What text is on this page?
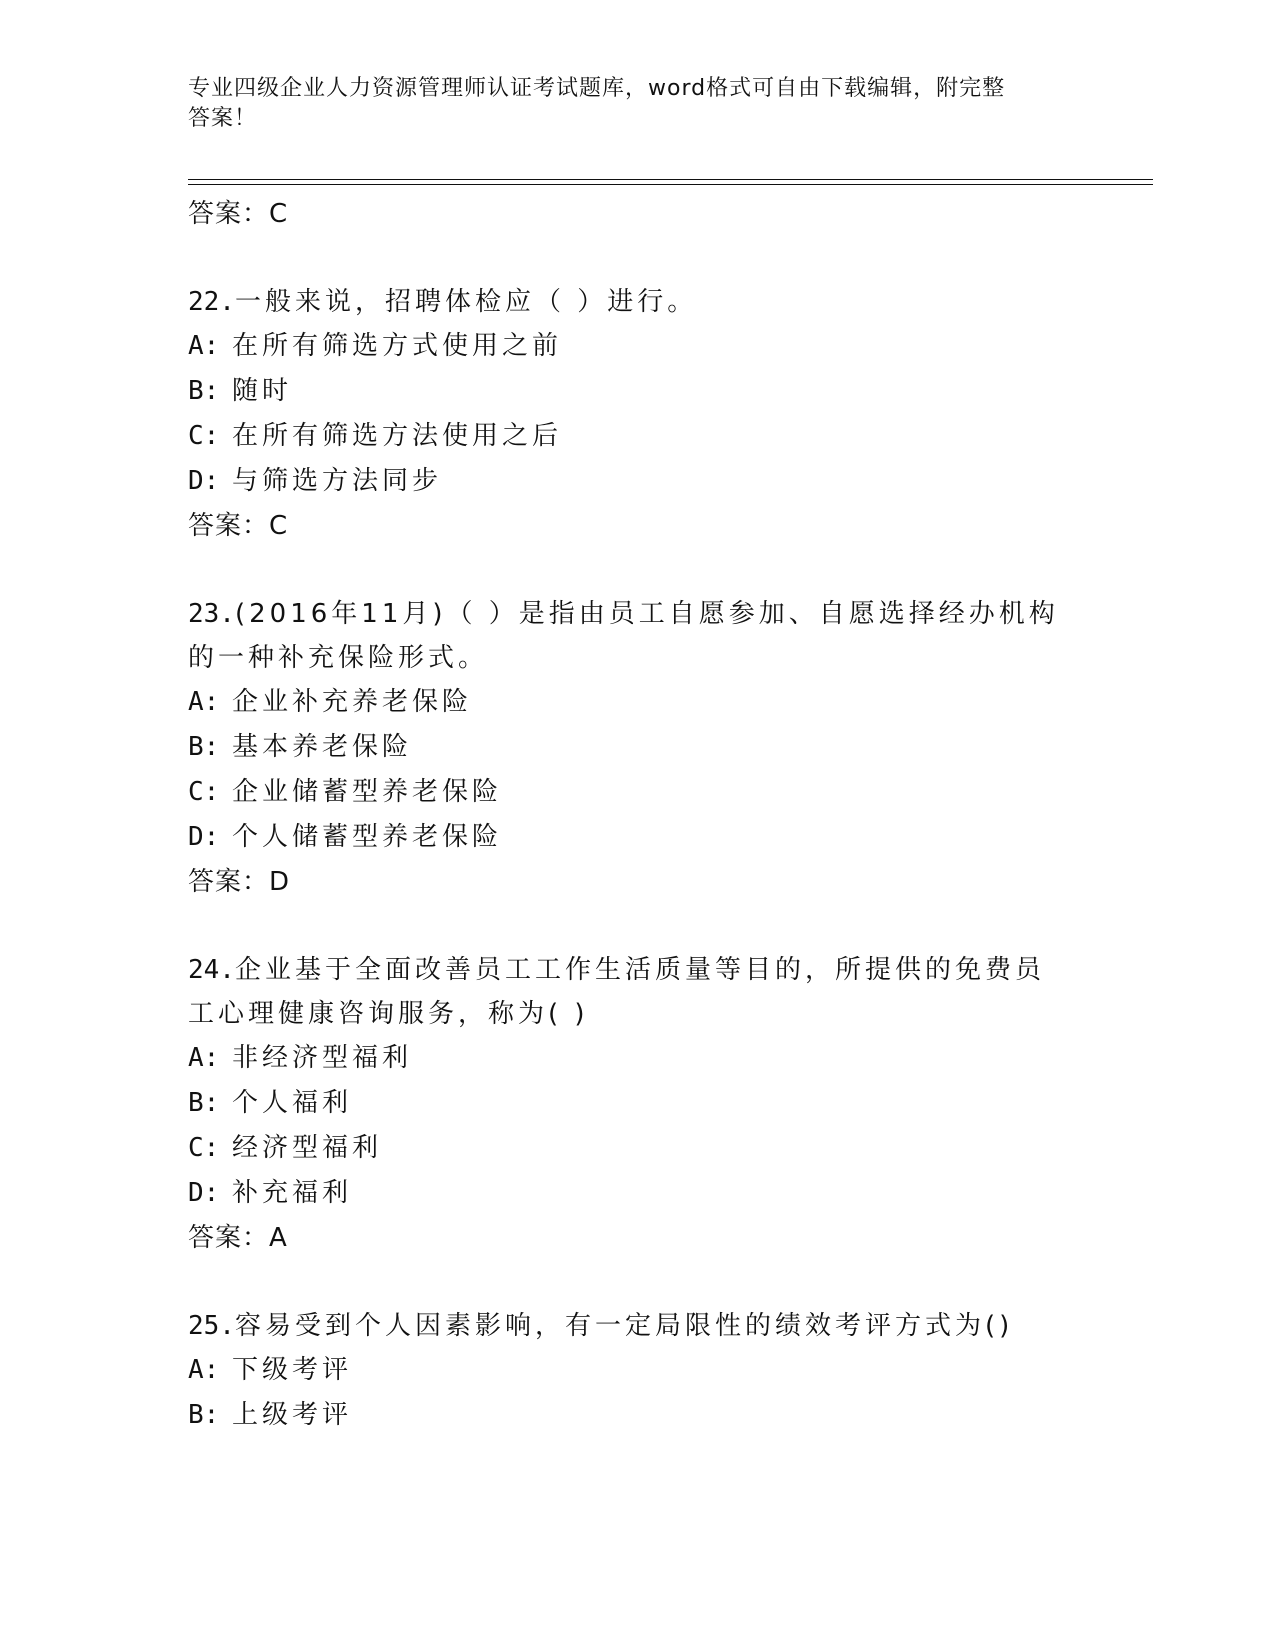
专业四级企业人力资源管理师认证考试题库，word格式可自由下载编辑，附完整
答案！
答案：C
22.一般来说，招聘体检应（ ）进行。
A: 在所有筛选方式使用之前
B: 随时
C: 在所有筛选方法使用之后
D: 与筛选方法同步
答案：C
23.(2016年11月)（ ）是指由员工自愿参加、自愿选择经办机构的一种补充保险形式。
A: 企业补充养老保险
B: 基本养老保险
C: 企业储蓄型养老保险
D: 个人储蓄型养老保险
答案：D
24.企业基于全面改善员工工作生活质量等目的，所提供的免费员工心理健康咨询服务，称为( )
A: 非经济型福利
B: 个人福利
C: 经济型福利
D: 补充福利
答案：A
25.容易受到个人因素影响，有一定局限性的绩效考评方式为()
A: 下级考评
B: 上级考评
